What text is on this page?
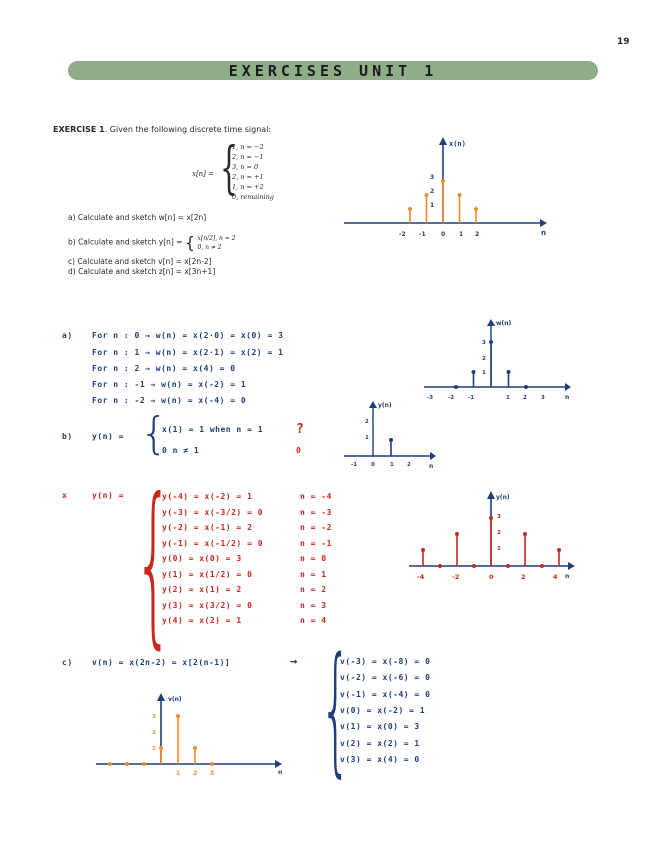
19
EXERCISES UNIT 1
EXERCISE 1. Given the following discrete time signal:
x[n] = {
1, n = −2
2, n = −1
3, n = 0
2, n = +1
1, n = +2
0, remaining
a) Calculate and sketch w[n] = x[2n]
b) Calculate and sketch y[n] = { x[n/2], n = 2̇
0, n ≠ 2̇
c) Calculate and sketch v[n] = x[2n-2]
d) Calculate and sketch z[n] = x[3n+1]
x(n)
n
-2 -1	0 1 2
3
2
1
a) For n : 0 → w(n) = x(2·0) = x(0) = 3
For n : 1 → w(n) = x(2·1) = x(2) = 1
For n : 2 → w(n) = x(4) = 0
For n : -1 → w(n) = x(-2) = 1
For n : -2 → w(n) = x(-4) = 0
w(n)
n
-3	-2	-1	1 2	3
3
2
1
b) y(n) = {
x(1) = 1 when n = 1	?
0 n ≠ 1	0
y(n)
n
-1	0	1 2
2
1
x	y(n) = {
y(-4) = x(-2) = 1	n = -4
y(-3) = x(-3/2) = 0	n = -3
y(-2) = x(-1) = 2	n = -2
y(-1) = x(-1/2) = 0	n = -1
y(0) = x(0) = 3	n = 0
y(1) = x(1/2) = 0	n = 1
y(2) = x(1) = 2	n = 2
y(3) = x(3/2) = 0	n = 3
y(4) = x(2) = 1	n = 4
y(n)
n
-4	-2	0	2	4
3
2
1
c) v(n) = x(2n-2) = x[2(n-1)]	→ {
v(-3) = x(-8) = 0
v(-2) = x(-6) = 0
v(-1) = x(-4) = 0
v(0) = x(-2) = 1
v(1) = x(0) = 3
v(2) = x(2) = 1
v(3) = x(4) = 0
v(n)
n
1 2 3
3
2
1
